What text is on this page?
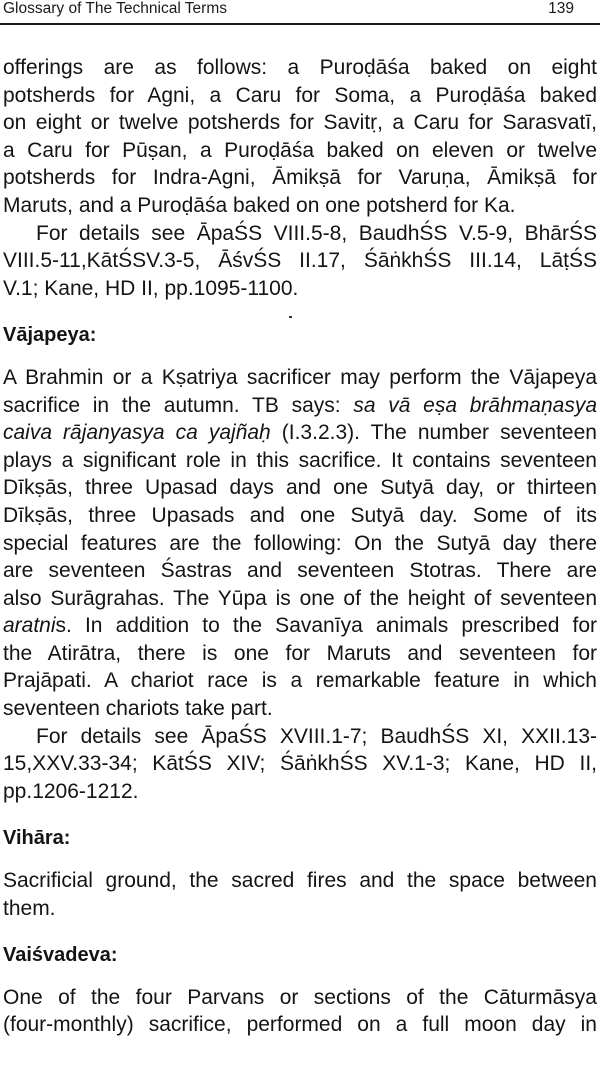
Glossary of The Technical Terms	139
offerings are as follows: a Puroḍāśa baked on eight
potsherds for Agni, a Caru for Soma, a Puroḍāśa baked
on eight or twelve potsherds for Savitṛ, a Caru for Sarasvatī,
a Caru for Pūṣan, a Puroḍāśa baked on eleven or twelve
potsherds for Indra-Agni, Āmikṣā for Varuṇa, Āmikṣā for
Maruts, and a Puroḍāśa baked on one potsherd for Ka.
For details see ĀpaŚS VIII.5-8, BaudhŚS V.5-9, BhārŚS
VIII.5-11,KātŚSV.3-5, ĀśvŚS II.17, ŚāṅkhŚS III.14, LāṭŚS
V.1; Kane, HD II, pp.1095-1100.
Vājapeya:
A Brahmin or a Kṣatriya sacrificer may perform the Vājapeya
sacrifice in the autumn. TB says: sa vā eṣa brāhmaṇasya
caiva rājanyasya ca yajñaḥ (I.3.2.3). The number seventeen
plays a significant role in this sacrifice. It contains seventeen
Dīkṣās, three Upasad days and one Sutyā day, or thirteen
Dīkṣās, three Upasads and one Sutyā day. Some of its
special features are the following: On the Sutyā day there
are seventeen Śastras and seventeen Stotras. There are
also Surāgrahas. The Yūpa is one of the height of seventeen
aratnis. In addition to the Savanīya animals prescribed for
the Atirātra, there is one for Maruts and seventeen for
Prajāpati. A chariot race is a remarkable feature in which
seventeen chariots take part.
For details see ĀpaŚS XVIII.1-7; BaudhŚS XI, XXII.13-
15,XXV.33-34; KātŚS XIV; ŚāṅkhŚS XV.1-3; Kane, HD II,
pp.1206-1212.
Vihāra:
Sacrificial ground, the sacred fires and the space between
them.
Vaiśvadeva:
One of the four Parvans or sections of the Cāturmāsya
(four-monthly) sacrifice, performed on a full moon day in
